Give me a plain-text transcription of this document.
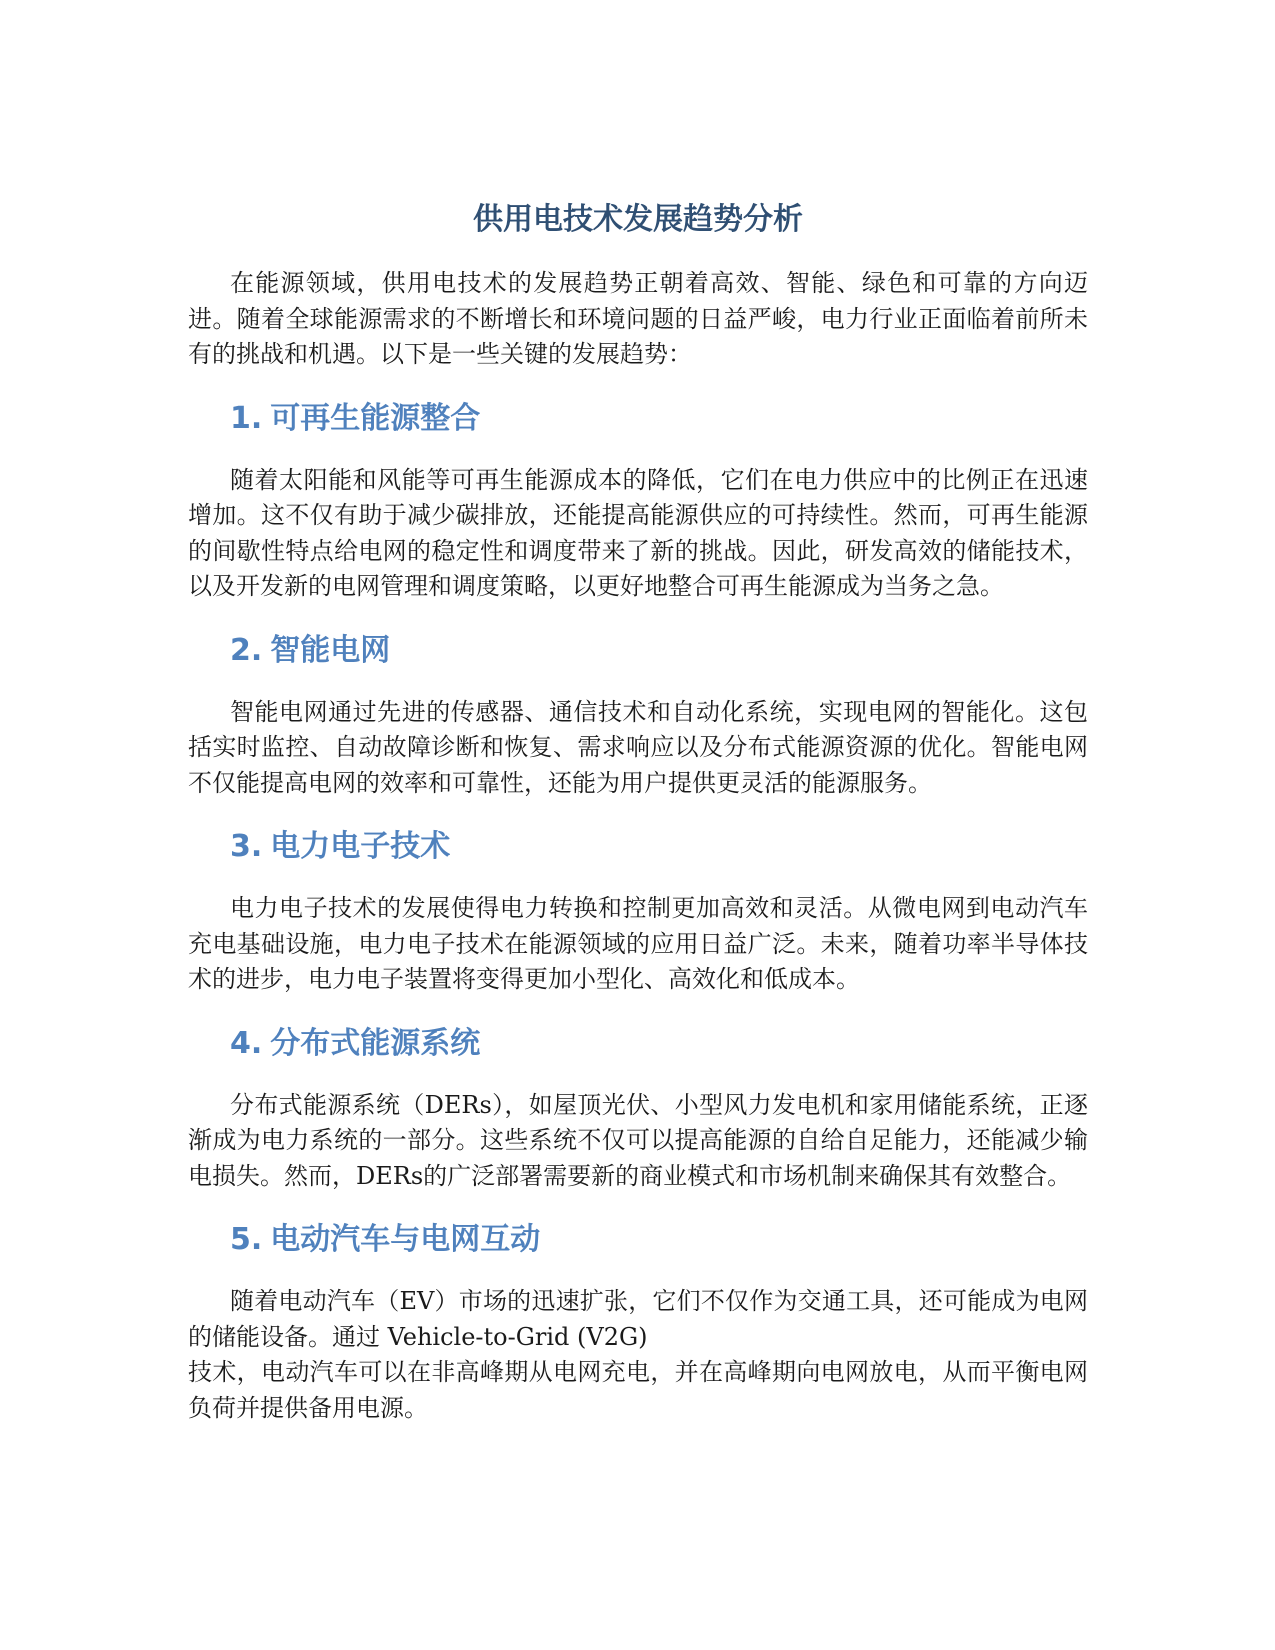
供用电技术发展趋势分析

在能源领域，供用电技术的发展趋势正朝着高效、智能、绿色和可靠的方向迈进。随着全球能源需求的不断增长和环境问题的日益严峻，电力行业正面临着前所未有的挑战和机遇。以下是一些关键的发展趋势：

1. 可再生能源整合

随着太阳能和风能等可再生能源成本的降低，它们在电力供应中的比例正在迅速增加。这不仅有助于减少碳排放，还能提高能源供应的可持续性。然而，可再生能源的间歇性特点给电网的稳定性和调度带来了新的挑战。因此，研发高效的储能技术，以及开发新的电网管理和调度策略，以更好地整合可再生能源成为当务之急。

2. 智能电网

智能电网通过先进的传感器、通信技术和自动化系统，实现电网的智能化。这包括实时监控、自动故障诊断和恢复、需求响应以及分布式能源资源的优化。智能电网不仅能提高电网的效率和可靠性，还能为用户提供更灵活的能源服务。

3. 电力电子技术

电力电子技术的发展使得电力转换和控制更加高效和灵活。从微电网到电动汽车充电基础设施，电力电子技术在能源领域的应用日益广泛。未来，随着功率半导体技术的进步，电力电子装置将变得更加小型化、高效化和低成本。

4. 分布式能源系统

分布式能源系统（DERs），如屋顶光伏、小型风力发电机和家用储能系统，正逐渐成为电力系统的一部分。这些系统不仅可以提高能源的自给自足能力，还能减少输电损失。然而，DERs的广泛部署需要新的商业模式和市场机制来确保其有效整合。

5. 电动汽车与电网互动

随着电动汽车（EV）市场的迅速扩张，它们不仅作为交通工具，还可能成为电网的储能设备。通过 Vehicle-to-Grid (V2G)
技术，电动汽车可以在非高峰期从电网充电，并在高峰期向电网放电，从而平衡电网负荷并提供备用电源。
